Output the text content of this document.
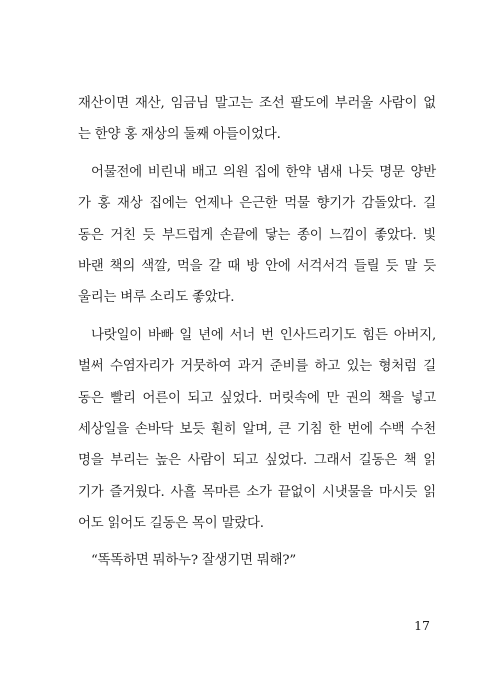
재산이면 재산, 임금님 말고는 조선 팔도에 부러울 사람이 없
는 한양 홍 재상의 둘째 아들이었다.
어물전에 비린내 배고 의원 집에 한약 냄새 나듯 명문 양반
가 홍 재상 집에는 언제나 은근한 먹물 향기가 감돌았다. 길
동은 거친 듯 부드럽게 손끝에 닿는 종이 느낌이 좋았다. 빛
바랜 책의 색깔, 먹을 갈 때 방 안에 서걱서걱 들릴 듯 말 듯
울리는 벼루 소리도 좋았다.
나랏일이 바빠 일 년에 서너 번 인사드리기도 힘든 아버지,
벌써 수염자리가 거뭇하여 과거 준비를 하고 있는 형처럼 길
동은 빨리 어른이 되고 싶었다. 머릿속에 만 권의 책을 넣고
세상일을 손바닥 보듯 훤히 알며, 큰 기침 한 번에 수백 수천
명을 부리는 높은 사람이 되고 싶었다. 그래서 길동은 책 읽
기가 즐거웠다. 사흘 목마른 소가 끝없이 시냇물을 마시듯 읽
어도 읽어도 길동은 목이 말랐다.
“똑똑하면 뭐하누? 잘생기면 뭐해?”
17
